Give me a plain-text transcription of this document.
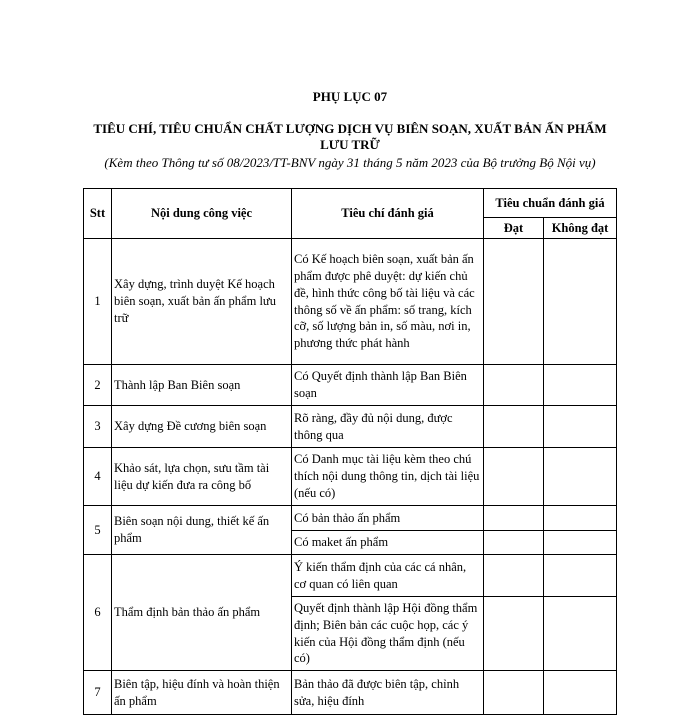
PHỤ LỤC 07
TIÊU CHÍ, TIÊU CHUẨN CHẤT LƯỢNG DỊCH VỤ BIÊN SOẠN, XUẤT BẢN ẤN PHẨM LƯU TRỮ
(Kèm theo Thông tư số 08/2023/TT-BNV ngày 31 tháng 5 năm 2023 của Bộ trưởng Bộ Nội vụ)
Stt	Nội dung công việc	Tiêu chí đánh giá	Tiêu chuẩn đánh giá	
			Đạt	Không đạt
1	Xây dựng, trình duyệt Kế hoạch biên soạn, xuất bản ấn phẩm lưu trữ	Có Kế hoạch biên soạn, xuất bản ấn phẩm được phê duyệt: dự kiến chủ đề, hình thức công bố tài liệu và các thông số về ấn phẩm: số trang, kích cỡ, số lượng bản in, số màu, nơi in, phương thức phát hành		
2	Thành lập Ban Biên soạn	Có Quyết định thành lập Ban Biên soạn		
3	Xây dựng Đề cương biên soạn	Rõ ràng, đầy đủ nội dung, được thông qua		
4	Khảo sát, lựa chọn, sưu tầm tài liệu dự kiến đưa ra công bố	Có Danh mục tài liệu kèm theo chú thích nội dung thông tin, dịch tài liệu (nếu có)		
5	Biên soạn nội dung, thiết kế ấn phẩm	Có bản thảo ấn phẩm		
		Có maket ấn phẩm		
6	Thẩm định bản thảo ấn phẩm	Ý kiến thẩm định của các cá nhân, cơ quan có liên quan		
		Quyết định thành lập Hội đồng thẩm định; Biên bản các cuộc họp, các ý kiến của Hội đồng thẩm định (nếu có)		
7	Biên tập, hiệu đính và hoàn thiện ấn phẩm	Bản thảo đã được biên tập, chỉnh sửa, hiệu đính		
